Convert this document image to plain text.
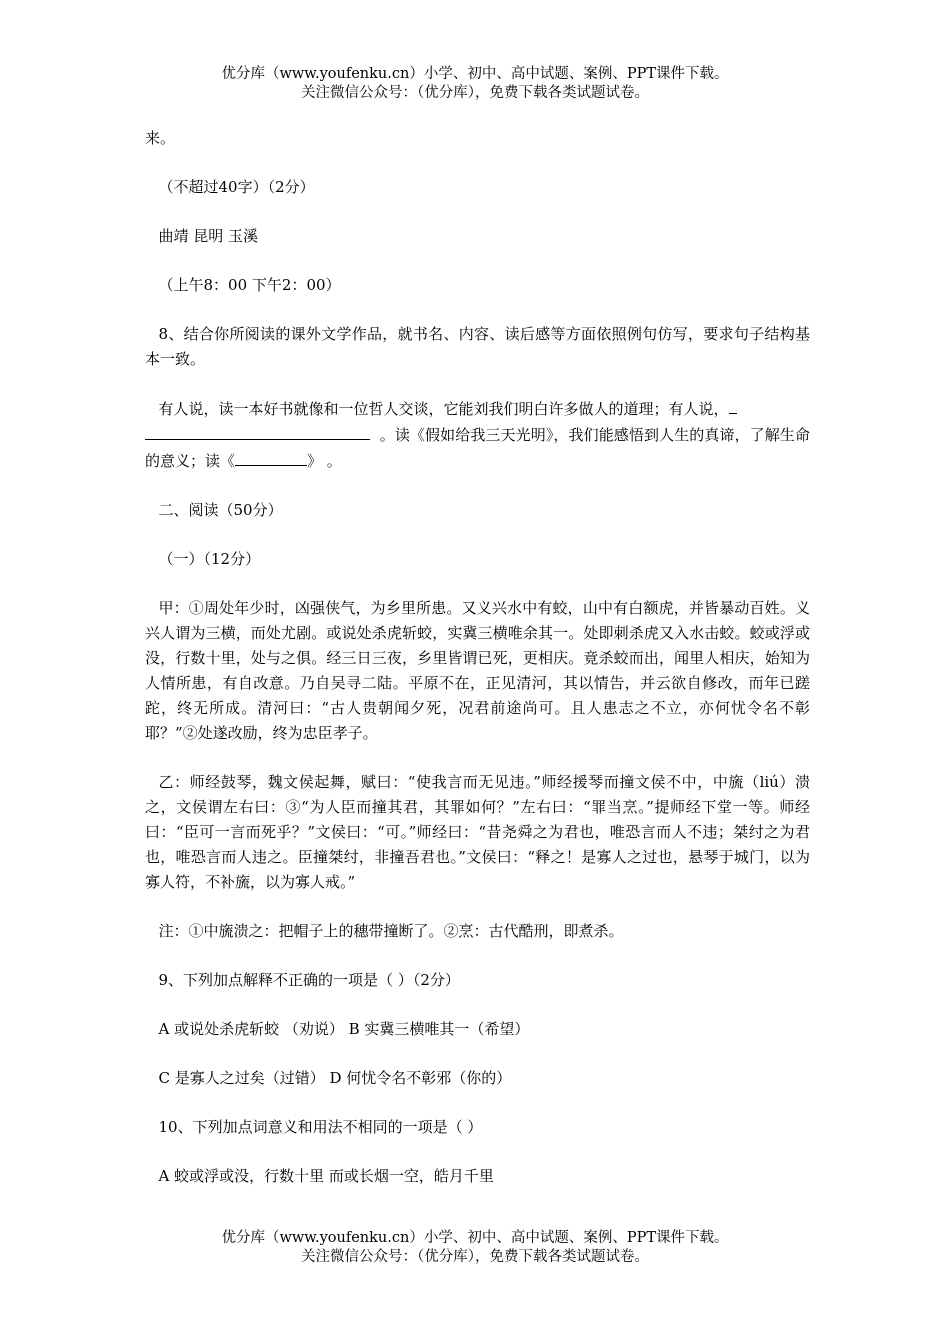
优分库（www.youfenku.cn）小学、初中、高中试题、案例、PPT课件下载。
关注微信公众号：（优分库），免费下载各类试题试卷。

来。

（不超过40字）（2分）

曲靖 昆明 玉溪

（上午8：00 下午2：00）

8、结合你所阅读的课外文学作品，就书名、内容、读后感等方面依照例句仿写，要求句子结构基本一致。

有人说，读一本好书就像和一位哲人交谈，它能刘我们明白许多做人的道理；有人说，
。读《假如给我三天光明》，我们能感悟到人生的真谛，了解生命的意义；读《	》 。

二、阅读（50分）

（一）（12分）

甲：①周处年少时，凶强侠气，为乡里所患。又义兴水中有蛟，山中有白额虎，并皆暴动百姓。义兴人谓为三横，而处尤剧。或说处杀虎斩蛟，实冀三横唯余其一。处即刺杀虎又入水击蛟。蛟或浮或没，行数十里，处与之俱。经三日三夜，乡里皆谓已死，更相庆。竟杀蛟而出，闻里人相庆，始知为人情所患，有自改意。乃自吴寻二陆。平原不在，正见清河，其以情告，并云欲自修改，而年已蹉跎，终无所成。清河曰：“古人贵朝闻夕死，况君前途尚可。且人患志之不立，亦何忧令名不彰耶？”②处遂改励，终为忠臣孝子。

乙：师经鼓琴，魏文侯起舞，赋曰：“使我言而无见违。”师经援琴而撞文侯不中，中旒（liú）溃之，文侯谓左右曰：③“为人臣而撞其君，其罪如何？”左右曰：“罪当烹。”提师经下堂一等。师经曰：“臣可一言而死乎？”文侯曰：“可。”师经曰：“昔尧舜之为君也，唯恐言而人不违；桀纣之为君也，唯恐言而人违之。臣撞桀纣，非撞吾君也。”文侯曰：“释之！是寡人之过也，悬琴于城门，以为寡人符，不补旒，以为寡人戒。”

注：①中旒溃之：把帽子上的穗带撞断了。②烹：古代酷刑，即煮杀。

9、下列加点解释不正确的一项是（ ）（2分）

A 或说处杀虎斩蛟 （劝说） B 实冀三横唯其一（希望）

C 是寡人之过矣（过错） D 何忧令名不彰邪（你的）

10、下列加点词意义和用法不相同的一项是（ ）

A 蛟或浮或没，行数十里 而或长烟一空，皓月千里

优分库（www.youfenku.cn）小学、初中、高中试题、案例、PPT课件下载。
关注微信公众号：（优分库），免费下载各类试题试卷。
